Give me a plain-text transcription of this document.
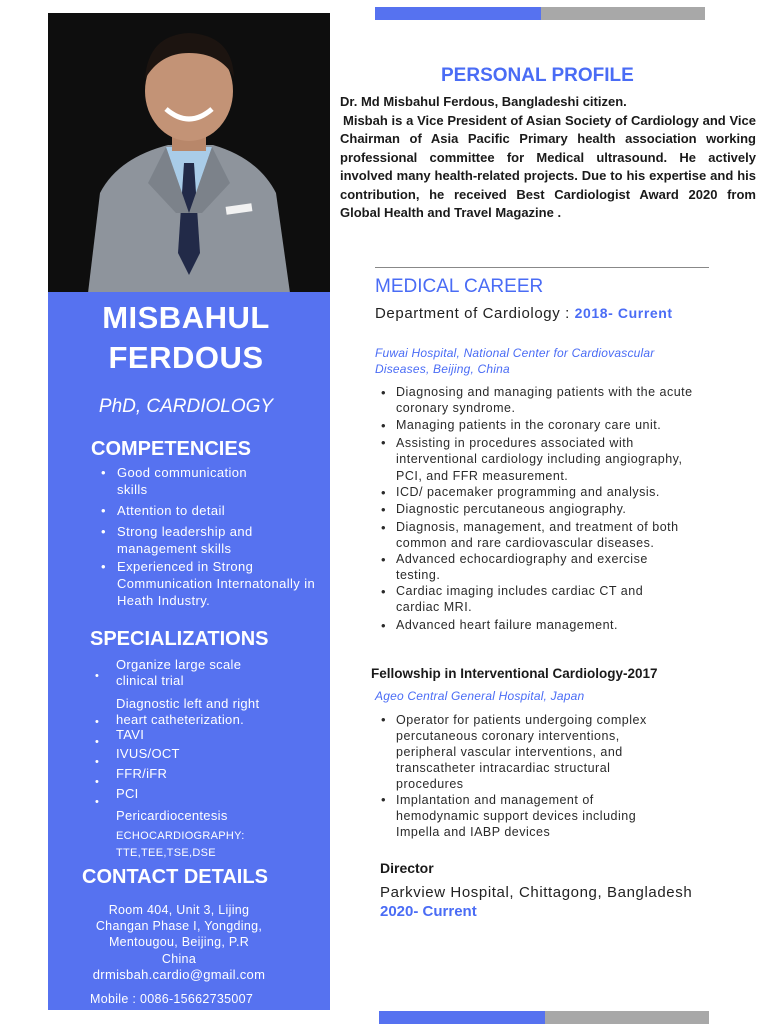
MISBAHUL
FERDOUS
PhD, CARDIOLOGY
COMPETENCIES
• Good communication skills
• Attention to detail
• Strong leadership and management skills
• Experienced in Strong Communication Internatonally in Heath Industry.
SPECIALIZATIONS
Organize large scale clinical trial
Diagnostic left and right heart catheterization.
TAVI
IVUS/OCT
FFR/iFR
PCI
Pericardiocentesis
ECHOCARDIOGRAPHY:
TTE,TEE,TSE,DSE
•
•
•
•
•
•
CONTACT DETAILS
Room 404, Unit 3, Lijing
Changan Phase I, Yongding,
Mentougou, Beijing, P.R
China
drmisbah.cardio@gmail.com
Mobile : 0086-15662735007
PERSONAL PROFILE
Dr. Md Misbahul Ferdous, Bangladeshi citizen.
Misbah is a Vice President of Asian Society of Cardiology and Vice Chairman of Asia Pacific Primary health association working professional committee for Medical ultrasound. He actively involved many health-related projects. Due to his expertise and his contribution, he received Best Cardiologist Award 2020 from Global Health and Travel Magazine .
MEDICAL CAREER
Department of Cardiology : 2018- Current
Fuwai Hospital, National Center for Cardiovascular Diseases, Beijing, China
• Diagnosing and managing patients with the acute coronary syndrome.
• Managing patients in the coronary care unit.
• Assisting in procedures associated with interventional cardiology including angiography, PCI, and FFR measurement.
• ICD/ pacemaker programming and analysis.
• Diagnostic percutaneous angiography.
• Diagnosis, management, and treatment of both common and rare cardiovascular diseases.
• Advanced echocardiography and exercise testing.
• Cardiac imaging includes cardiac CT and cardiac MRI.
• Advanced heart failure management.
Fellowship in Interventional Cardiology-2017
Ageo Central General Hospital, Japan
• Operator for patients undergoing complex percutaneous coronary interventions, peripheral vascular interventions, and transcatheter intracardiac structural procedures
• Implantation and management of hemodynamic support devices including Impella and IABP devices
Director
Parkview Hospital, Chittagong, Bangladesh
2020- Current
